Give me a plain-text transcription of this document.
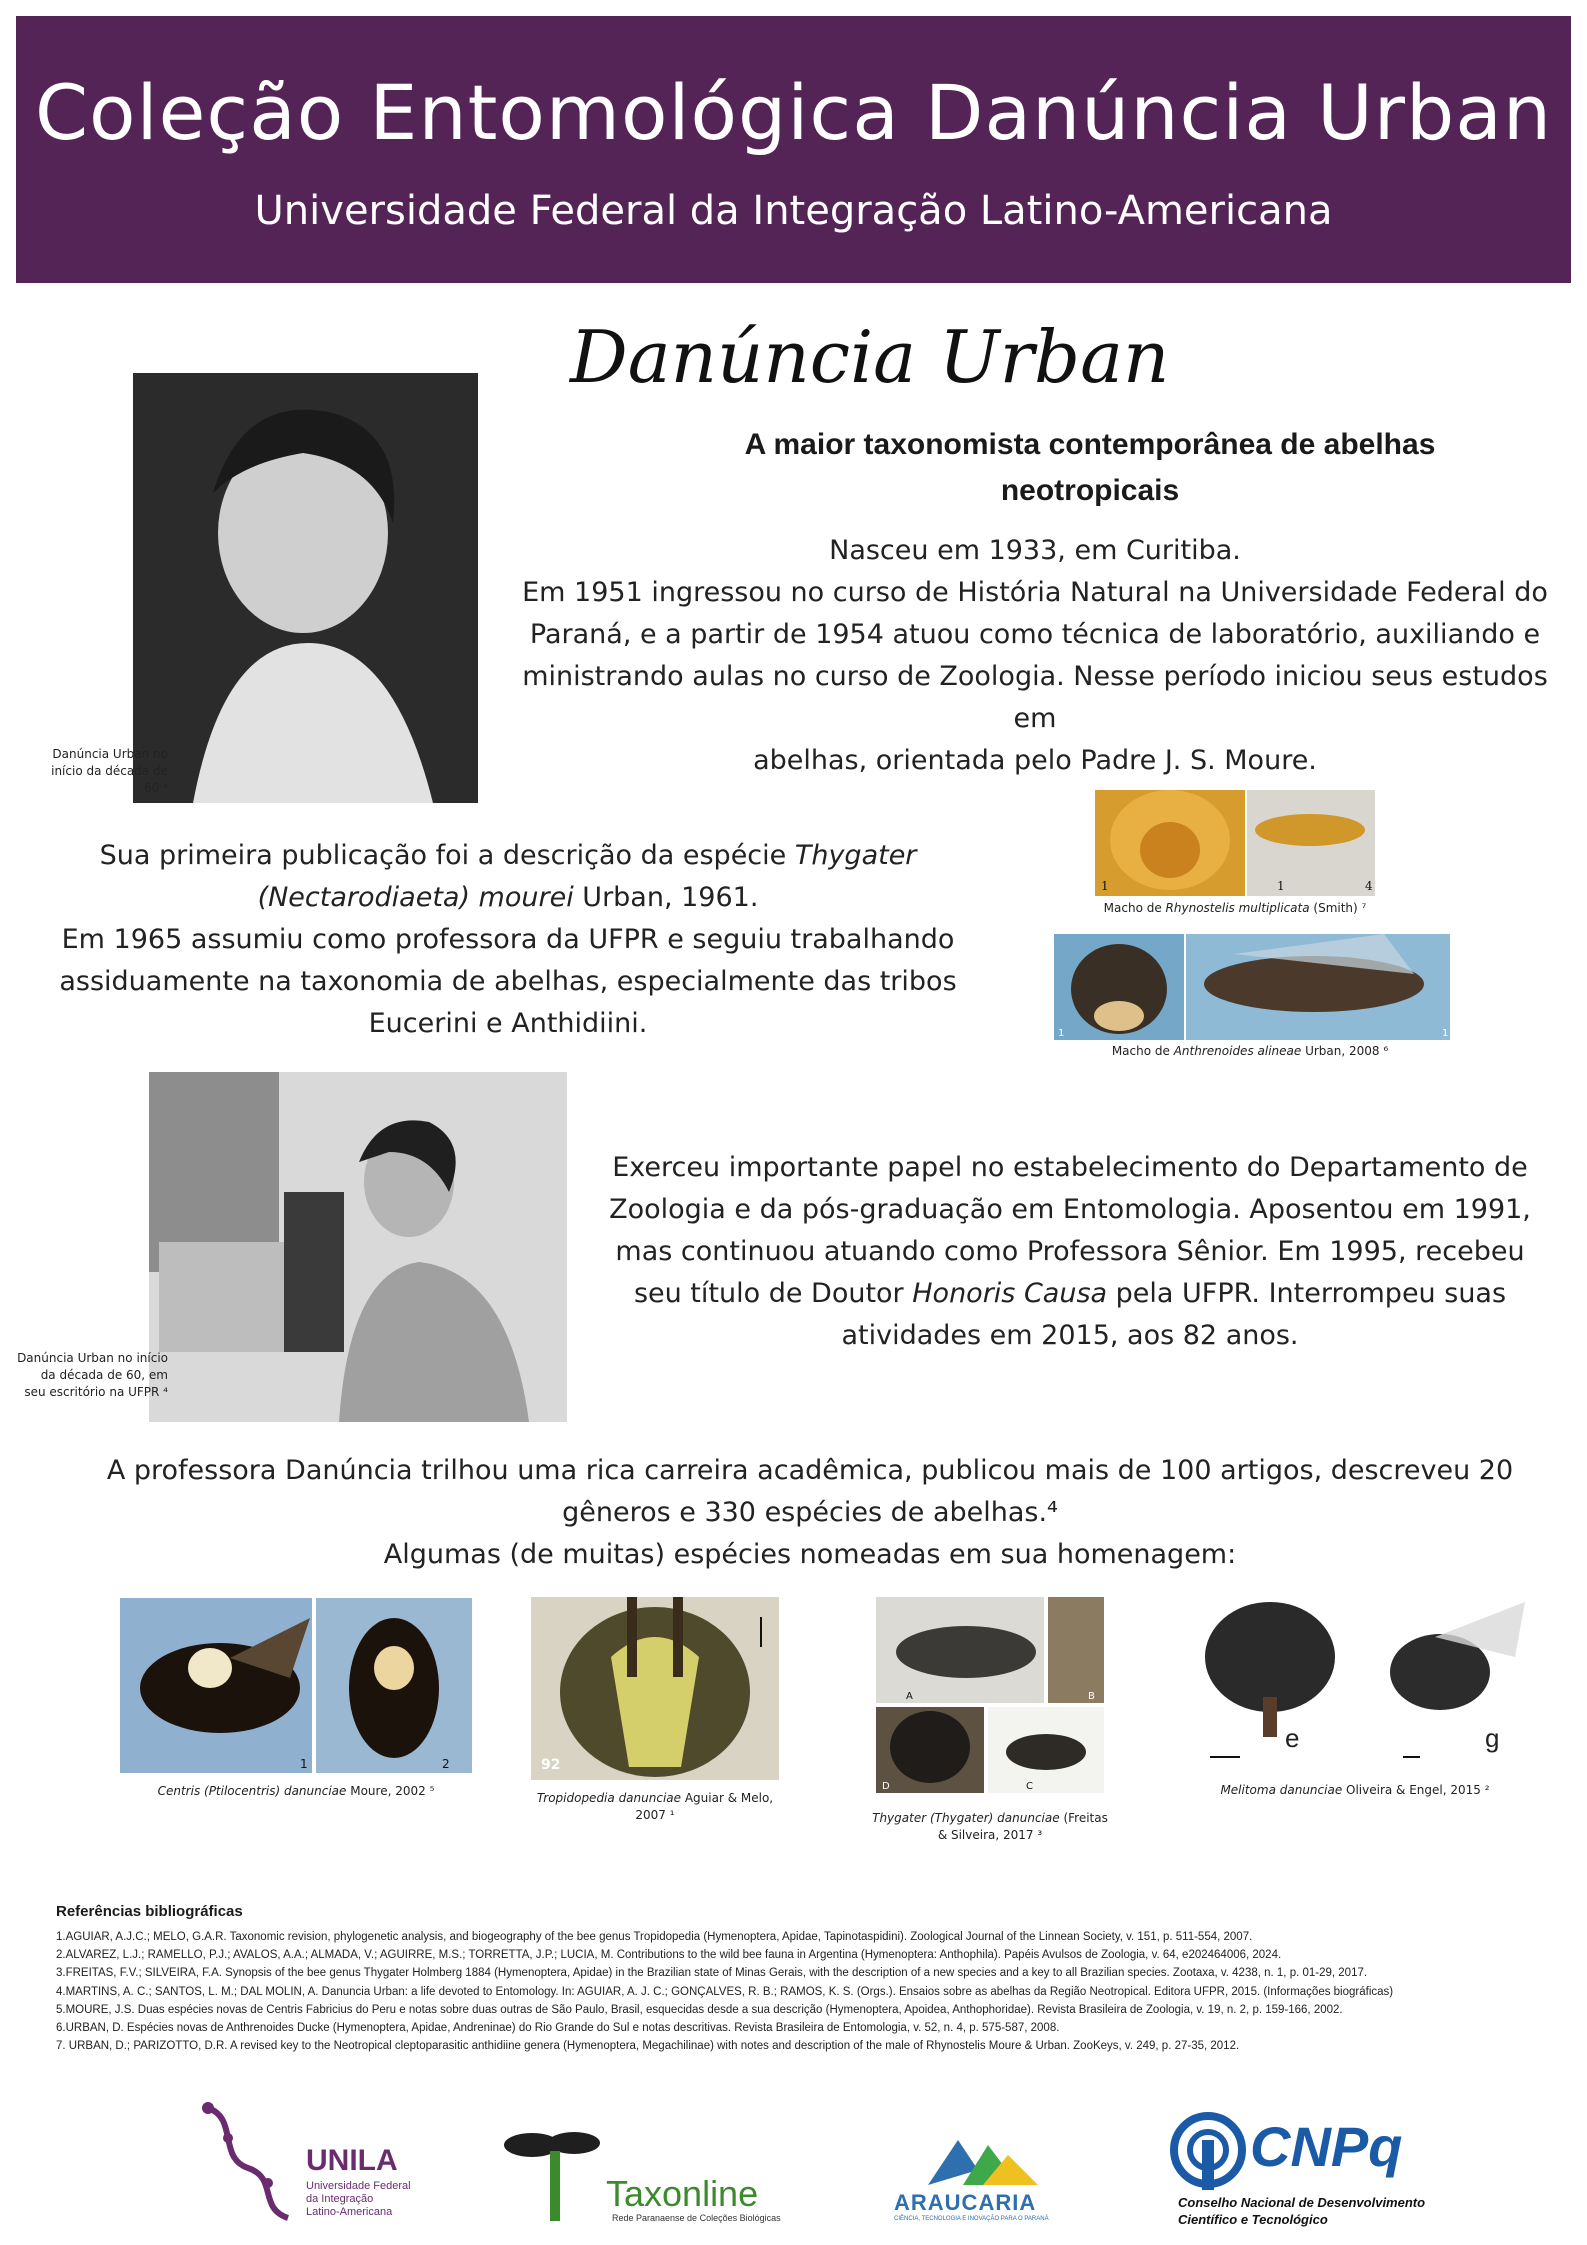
Coleção Entomológica Danúncia Urban
Universidade Federal da Integração Latino-Americana
Danúncia Urban
A maior taxonomista contemporânea de abelhas neotropicais
Danúncia Urban no início da década de 60 ⁴
Nasceu em 1933, em Curitiba.
Em 1951 ingressou no curso de História Natural na Universidade Federal do
Paraná, e a partir de 1954 atuou como técnica de laboratório, auxiliando e
ministrando aulas no curso de Zoologia. Nesse período iniciou seus estudos em
abelhas, orientada pelo Padre J. S. Moure.
1	1	4
Macho de Rhynostelis multiplicata (Smith) ⁷
1	1
Macho de Anthrenoides alineae Urban, 2008 ⁶
Sua primeira publicação foi a descrição da espécie Thygater (Nectarodiaeta) mourei Urban, 1961.
Em 1965 assumiu como professora da UFPR e seguiu trabalhando assiduamente na taxonomia de abelhas, especialmente das tribos Eucerini e Anthidiini.
Danúncia Urban no início da década de 60, em seu escritório na UFPR ⁴
Exerceu importante papel no estabelecimento do Departamento de Zoologia e da pós-graduação em Entomologia. Aposentou em 1991, mas continuou atuando como Professora Sênior. Em 1995, recebeu seu título de Doutor Honoris Causa pela UFPR. Interrompeu suas atividades em 2015, aos 82 anos.
A professora Danúncia trilhou uma rica carreira acadêmica, publicou mais de 100 artigos, descreveu 20 gêneros e 330 espécies de abelhas.⁴
Algumas (de muitas) espécies nomeadas em sua homenagem:
1	2
Centris (Ptilocentris) danunciae Moure, 2002 ⁵
92
Tropidopedia danunciae Aguiar & Melo, 2007 ¹
A	B
C
D
Thygater (Thygater) danunciae (Freitas & Silveira, 2017 ³
e	g
Melitoma danunciae Oliveira & Engel, 2015 ²
Referências bibliográficas
1.AGUIAR, A.J.C.; MELO, G.A.R. Taxonomic revision, phylogenetic analysis, and biogeography of the bee genus Tropidopedia (Hymenoptera, Apidae, Tapinotaspidini). Zoological Journal of the Linnean Society, v. 151, p. 511-554, 2007.
2.ALVAREZ, L.J.; RAMELLO, P.J.; AVALOS, A.A.; ALMADA, V.; AGUIRRE, M.S.; TORRETTA, J.P.; LUCIA, M. Contributions to the wild bee fauna in Argentina (Hymenoptera: Anthophila). Papéis Avulsos de Zoologia, v. 64, e202464006, 2024.
3.FREITAS, F.V.; SILVEIRA, F.A. Synopsis of the bee genus Thygater Holmberg 1884 (Hymenoptera, Apidae) in the Brazilian state of Minas Gerais, with the description of a new species and a key to all Brazilian species. Zootaxa, v. 4238, n. 1, p. 01-29, 2017.
4.MARTINS, A. C.; SANTOS, L. M.; DAL MOLIN, A. Danuncia Urban: a life devoted to Entomology. In: AGUIAR, A. J. C.; GONÇALVES, R. B.; RAMOS, K. S. (Orgs.). Ensaios sobre as abelhas da Região Neotropical. Editora UFPR, 2015. (Informações biográficas)
5.MOURE, J.S. Duas espécies novas de Centris Fabricius do Peru e notas sobre duas outras de São Paulo, Brasil, esquecidas desde a sua descrição (Hymenoptera, Apoidea, Anthophoridae). Revista Brasileira de Zoologia, v. 19, n. 2, p. 159-166, 2002.
6.URBAN, D. Espécies novas de Anthrenoides Ducke (Hymenoptera, Apidae, Andreninae) do Rio Grande do Sul e notas descritivas. Revista Brasileira de Entomologia, v. 52, n. 4, p. 575-587, 2008.
7. URBAN, D.; PARIZOTTO, D.R. A revised key to the Neotropical cleptoparasitic anthidiine genera (Hymenoptera, Megachilinae) with notes and description of the male of Rhynostelis Moure & Urban. ZooKeys, v. 249, p. 27-35, 2012.
UNILA
Universidade Federal
da Integração
Latino-Americana	Taxonline
Rede Paranaense de Coleções Biológicas
ARAUCARIA
CIÊNCIA, TECNOLOGIA E INOVAÇÃO PARA O PARANÁ
CNPq
Conselho Nacional de Desenvolvimento
Científico e Tecnológico
